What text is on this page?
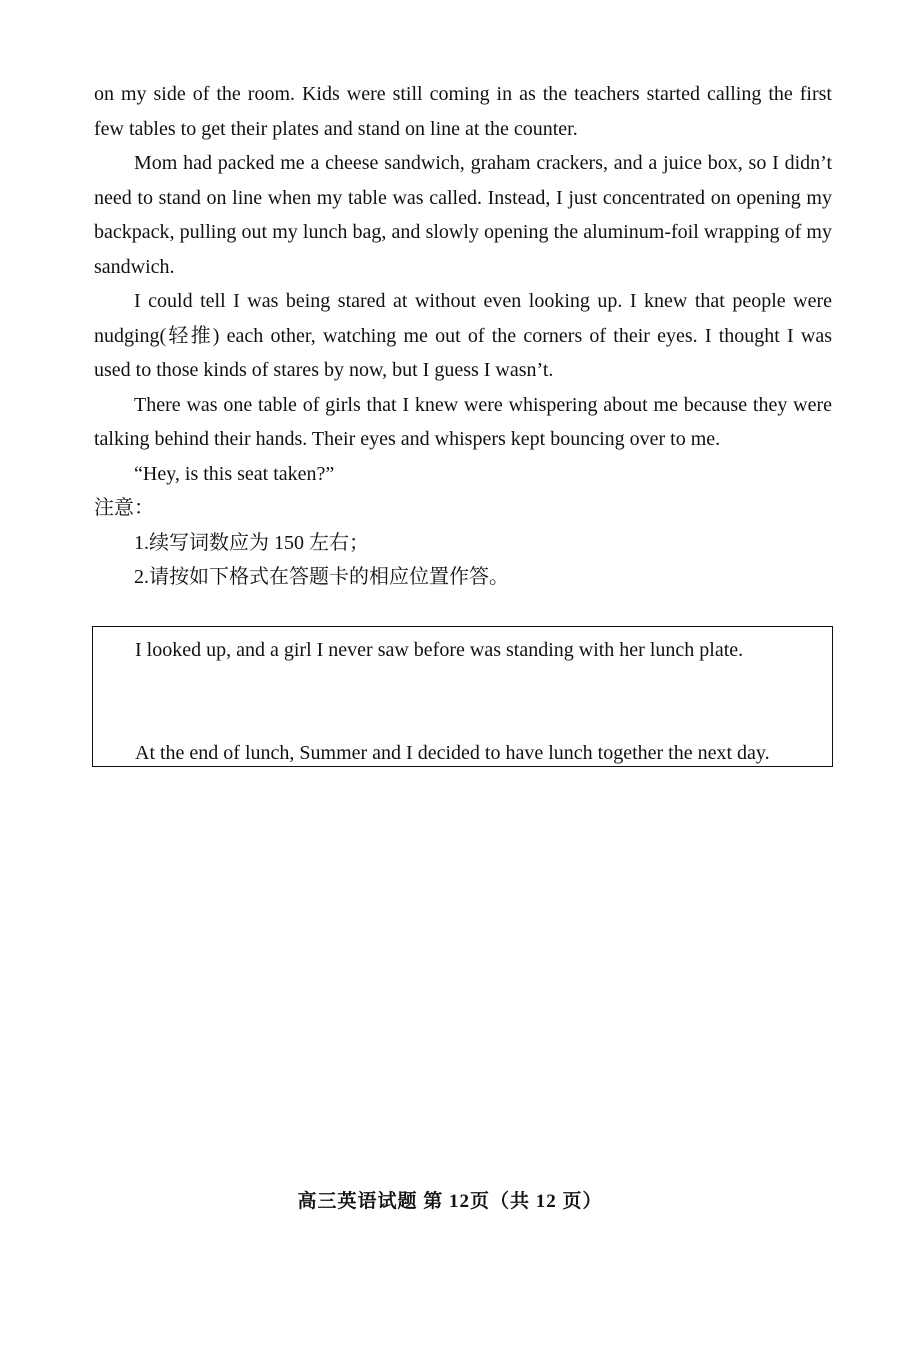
on my side of the room. Kids were still coming in as the teachers started calling the first few tables to get their plates and stand on line at the counter.

Mom had packed me a cheese sandwich, graham crackers, and a juice box, so I didn’t need to stand on line when my table was called. Instead, I just concentrated on opening my backpack, pulling out my lunch bag, and slowly opening the aluminum-foil wrapping of my sandwich.

I could tell I was being stared at without even looking up. I knew that people were nudging(轻推) each other, watching me out of the corners of their eyes. I thought I was used to those kinds of stares by now, but I guess I wasn’t.

There was one table of girls that I knew were whispering about me because they were talking behind their hands. Their eyes and whispers kept bouncing over to me.

“Hey, is this seat taken?”

注意：

1.续写词数应为 150 左右；

2.请按如下格式在答题卡的相应位置作答。

I looked up, and a girl I never saw before was standing with her lunch plate.

At the end of lunch, Summer and I decided to have lunch together the next day.

高三英语试题 第 12页（共 12 页）
